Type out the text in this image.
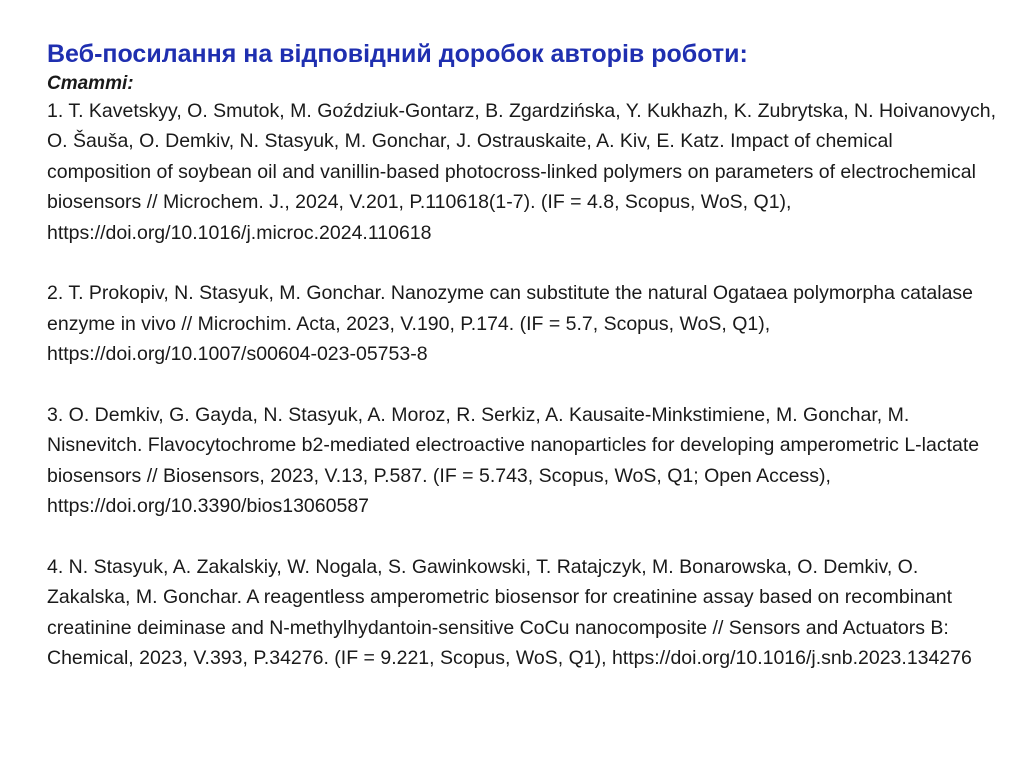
Веб-посилання на відповідний доробок авторів роботи:

Статті:

1. T. Kavetskyy, O. Smutok, M. Goździuk-Gontarz, B. Zgardzińska, Y. Kukhazh, K. Zubrytska, N. Hoivanovych, O. Šauša, O. Demkiv, N. Stasyuk, M. Gonchar, J. Ostrauskaite, A. Kiv, E. Katz. Impact of chemical composition of soybean oil and vanillin-based photocross-linked polymers on parameters of electrochemical biosensors // Microchem. J., 2024, V.201, P.110618(1-7). (IF = 4.8, Scopus, WoS, Q1), https://doi.org/10.1016/j.microc.2024.110618
2. T. Prokopiv, N. Stasyuk, M. Gonchar. Nanozyme can substitute the natural Ogataea polymorpha catalase enzyme in vivo // Microchim. Acta, 2023, V.190, P.174. (IF = 5.7, Scopus, WoS, Q1), https://doi.org/10.1007/s00604-023-05753-8
3. O. Demkiv, G. Gayda, N. Stasyuk, A. Moroz, R. Serkiz, A. Kausaite-Minkstimiene, M. Gonchar, M. Nisnevitch. Flavocytochrome b2-mediated electroactive nanoparticles for developing amperometric L-lactate biosensors // Biosensors, 2023, V.13, P.587. (IF = 5.743, Scopus, WoS, Q1; Open Access), https://doi.org/10.3390/bios13060587
4. N. Stasyuk, A. Zakalskiy, W. Nogala, S. Gawinkowski, T. Ratajczyk, M. Bonarowska, O. Demkiv, O. Zakalska, M. Gonchar. A reagentless amperometric biosensor for creatinine assay based on recombinant creatinine deiminase and N-methylhydantoin-sensitive CoCu nanocomposite // Sensors and Actuators B: Chemical, 2023, V.393, P.34276. (IF = 9.221, Scopus, WoS, Q1), https://doi.org/10.1016/j.snb.2023.134276
